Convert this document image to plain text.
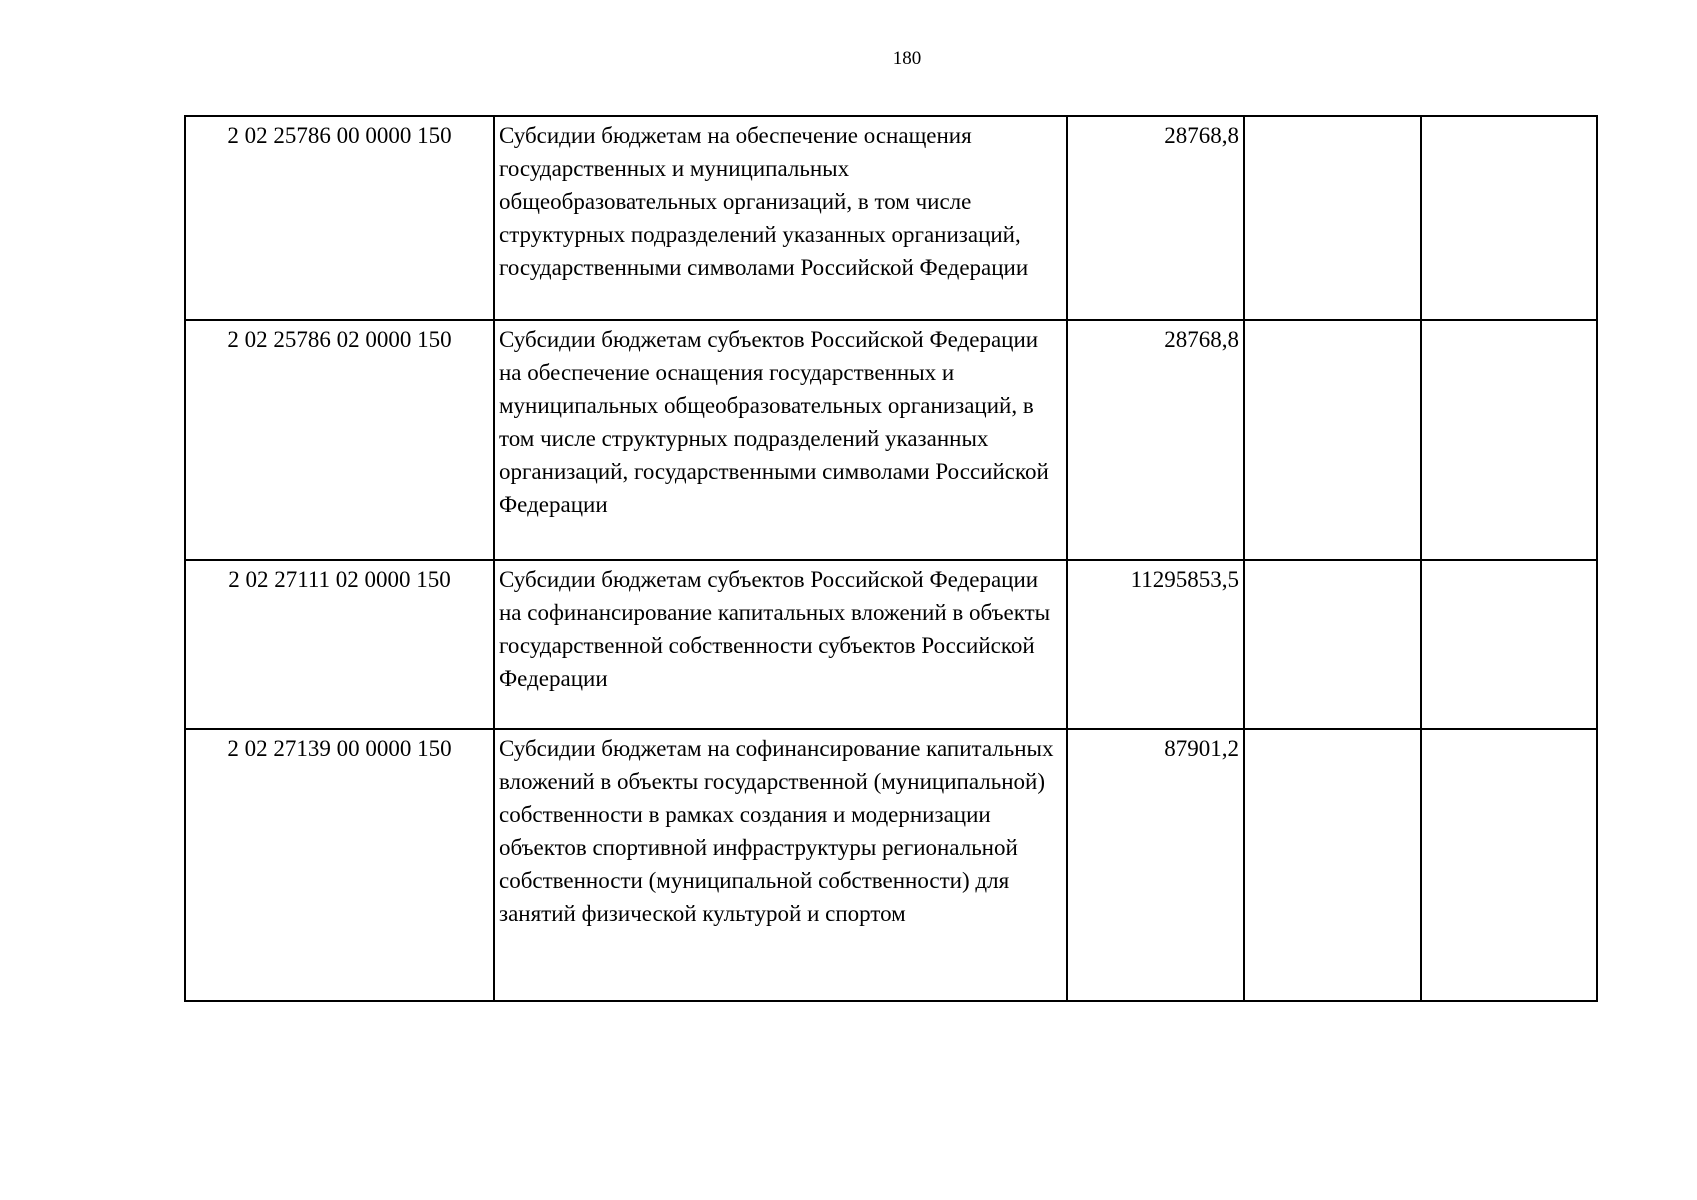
180
2 02 25786 00 0000 150	Субсидии бюджетам на обеспечение оснащения государственных и муниципальных общеобразовательных организаций, в том числе структурных подразделений указанных организаций, государственными символами Российской Федерации	28768,8		
2 02 25786 02 0000 150	Субсидии бюджетам субъектов Российской Федерации на обеспечение оснащения государственных и муниципальных общеобразовательных организаций, в том числе структурных подразделений указанных организаций, государственными символами Российской Федерации	28768,8		
2 02 27111 02 0000 150	Субсидии бюджетам субъектов Российской Федерации на софинансирование капитальных вложений в объекты государственной собственности субъектов Российской Федерации	11295853,5		
2 02 27139 00 0000 150	Субсидии бюджетам на софинансирование капитальных вложений в объекты государственной (муниципальной) собственности в рамках создания и модернизации объектов спортивной инфраструктуры региональной собственности (муниципальной собственности) для занятий физической культурой и спортом	87901,2		
